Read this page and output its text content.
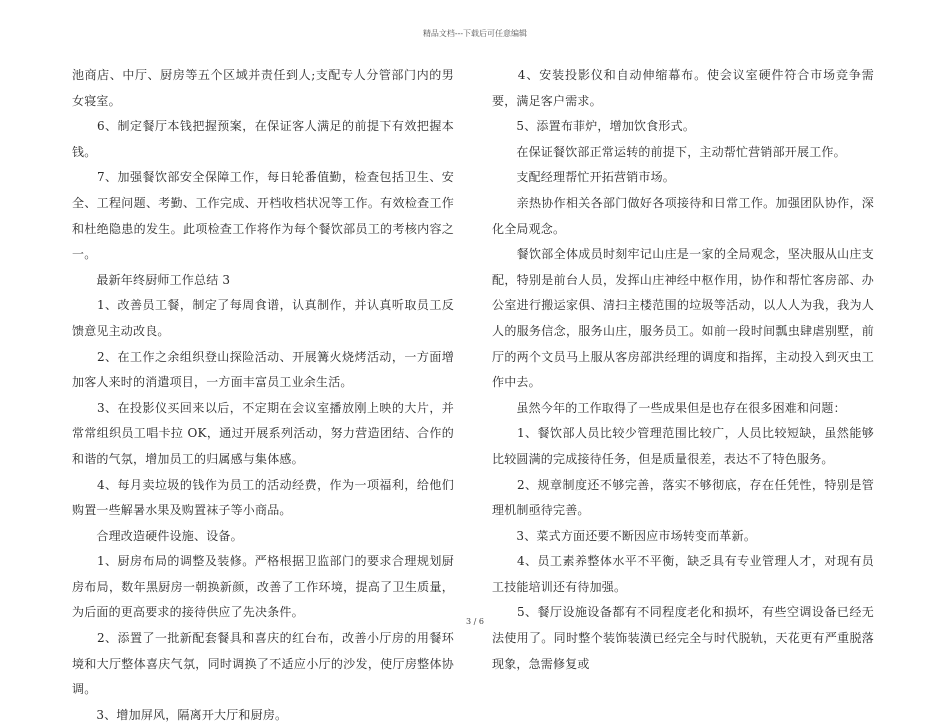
精品文档---下载后可任意编辑

池商店、中厅、厨房等五个区域并责任到人;支配专人分管部门内的男女寝室。

　　6、制定餐厅本钱把握预案，在保证客人满足的前提下有效把握本钱。

　　7、加强餐饮部安全保障工作，每日轮番值勤，检查包括卫生、安全、工程问题、考勤、工作完成、开档收档状况等工作。有效检查工作和杜绝隐患的发生。此项检查工作将作为每个餐饮部员工的考核内容之一。

　　最新年终厨师工作总结 3

　　1、改善员工餐，制定了每周食谱，认真制作，并认真听取员工反馈意见主动改良。

　　2、在工作之余组织登山探险活动、开展篝火烧烤活动，一方面增加客人来时的消遣项目，一方面丰富员工业余生活。

　　3、在投影仪买回来以后，不定期在会议室播放刚上映的大片，并常常组织员工唱卡拉 OK，通过开展系列活动，努力营造团结、合作的和谐的气氛，增加员工的归属感与集体感。

　　4、每月卖垃圾的钱作为员工的活动经费，作为一项福利，给他们购置一些解暑水果及购置袜子等小商品。

　　合理改造硬件设施、设备。

　　1、厨房布局的调整及装修。严格根据卫监部门的要求合理规划厨房布局，数年黑厨房一朝换新颜，改善了工作环境，提高了卫生质量，为后面的更高要求的接待供应了先决条件。

　　2、添置了一批新配套餐具和喜庆的红台布，改善小厅房的用餐环境和大厅整体喜庆气氛，同时调换了不适应小厅的沙发，使厅房整体协调。

　　3、增加屏风，隔离开大厅和厨房。

　　4、安装投影仪和自动伸缩幕布。使会议室硬件符合市场竞争需要，满足客户需求。

　　5、添置布菲炉，增加饮食形式。

　　在保证餐饮部正常运转的前提下，主动帮忙营销部开展工作。

　　支配经理帮忙开拓营销市场。

　　亲热协作相关各部门做好各项接待和日常工作。加强团队协作，深化全局观念。

　　餐饮部全体成员时刻牢记山庄是一家的全局观念，坚决服从山庄支配，特别是前台人员，发挥山庄神经中枢作用，协作和帮忙客房部、办公室进行搬运家俱、清扫主楼范围的垃圾等活动，以人人为我，我为人人的服务信念，服务山庄，服务员工。如前一段时间瓢虫肆虐别墅，前厅的两个文员马上服从客房部洪经理的调度和指挥，主动投入到灭虫工作中去。

　　虽然今年的工作取得了一些成果但是也存在很多困难和问题：

　　1、餐饮部人员比较少管理范围比较广，人员比较短缺，虽然能够比较圆满的完成接待任务，但是质量很差，表达不了特色服务。

　　2、规章制度还不够完善，落实不够彻底，存在任凭性，特别是管理机制亟待完善。

　　3、菜式方面还要不断因应市场转变而革新。

　　4、员工素养整体水平不平衡，缺乏具有专业管理人才，对现有员工技能培训还有待加强。

　　5、餐厅设施设备都有不同程度老化和损坏，有些空调设备已经无法使用了。同时整个装饰装潢已经完全与时代脱轨，天花更有严重脱落现象，急需修复或

3 / 6
